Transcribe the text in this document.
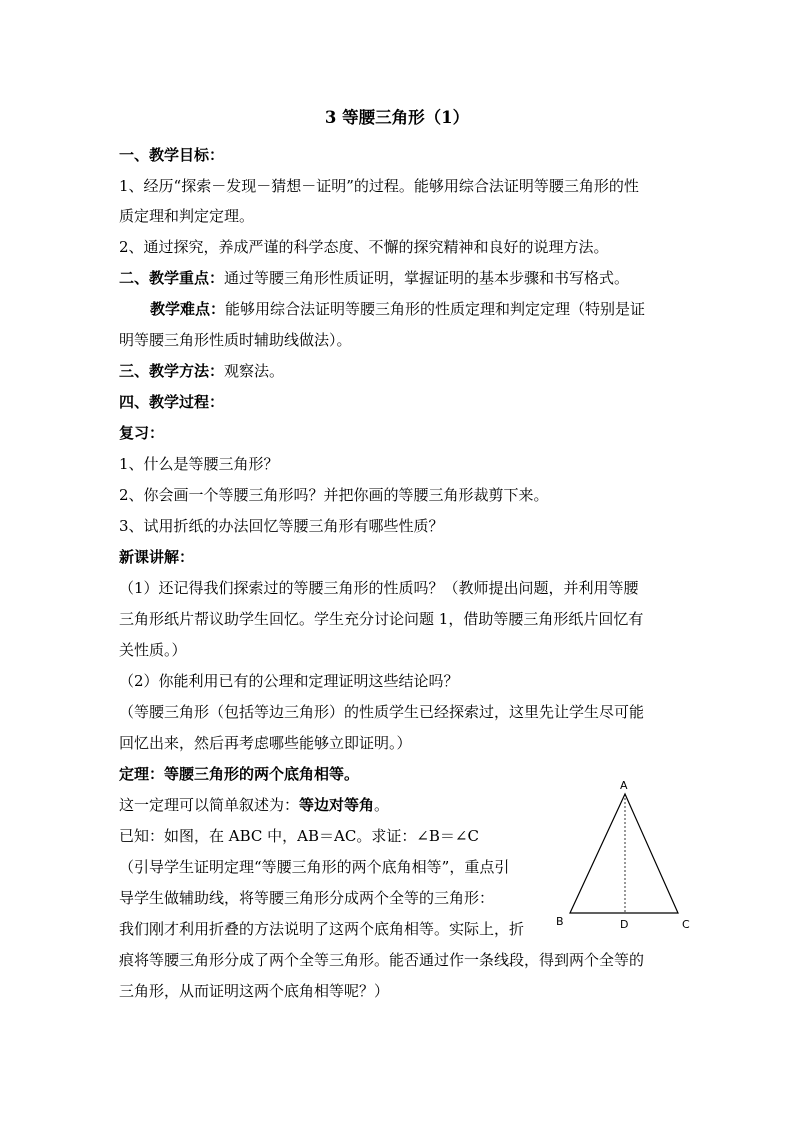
3 等腰三角形（1）
一、教学目标：
1、经历“探索－发现－猜想－证明”的过程。能够用综合法证明等腰三角形的性
质定理和判定定理。
2、通过探究，养成严谨的科学态度、不懈的探究精神和良好的说理方法。
二、教学重点：通过等腰三角形性质证明，掌握证明的基本步骤和书写格式。
教学难点：能够用综合法证明等腰三角形的性质定理和判定定理（特别是证
明等腰三角形性质时辅助线做法）。
三、教学方法：观察法。
四、教学过程：
复习：
1、什么是等腰三角形？
2、你会画一个等腰三角形吗？并把你画的等腰三角形裁剪下来。
3、试用折纸的办法回忆等腰三角形有哪些性质？
新课讲解：
（1）还记得我们探索过的等腰三角形的性质吗？（教师提出问题，并利用等腰
三角形纸片帮议助学生回忆。学生充分讨论问题 1，借助等腰三角形纸片回忆有
关性质。）
（2）你能利用已有的公理和定理证明这些结论吗？
（等腰三角形（包括等边三角形）的性质学生已经探索过，这里先让学生尽可能
回忆出来，然后再考虑哪些能够立即证明。）
定理：等腰三角形的两个底角相等。
这一定理可以简单叙述为：等边对等角。
已知：如图，在 ABC 中，AB＝AC。求证：∠B＝∠C
（引导学生证明定理“等腰三角形的两个底角相等”，重点引
导学生做辅助线，将等腰三角形分成两个全等的三角形：
我们刚才利用折叠的方法说明了这两个底角相等。实际上，折
痕将等腰三角形分成了两个全等三角形。能否通过作一条线段，得到两个全等的
三角形，从而证明这两个底角相等呢？）
A
B	D	C
